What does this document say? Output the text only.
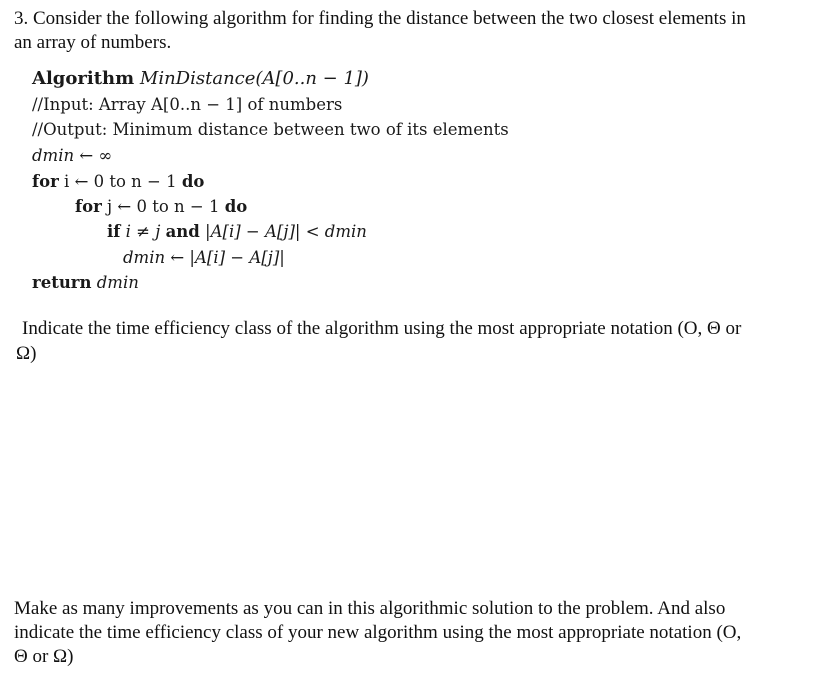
3. Consider the following algorithm for finding the distance between the two closest elements in
an array of numbers.
Algorithm MinDistance(A[0..n − 1])
//Input: Array A[0..n − 1] of numbers
//Output: Minimum distance between two of its elements
dmin ← ∞
for i ← 0 to n − 1 do
for j ← 0 to n − 1 do
if i ≠ j and |A[i] − A[j]| < dmin
dmin ← |A[i] − A[j]|
return dmin
Indicate the time efficiency class of the algorithm using the most appropriate notation (O, Θ or
Ω)
Make as many improvements as you can in this algorithmic solution to the problem. And also
indicate the time efficiency class of your new algorithm using the most appropriate notation (O,
Θ or Ω)
